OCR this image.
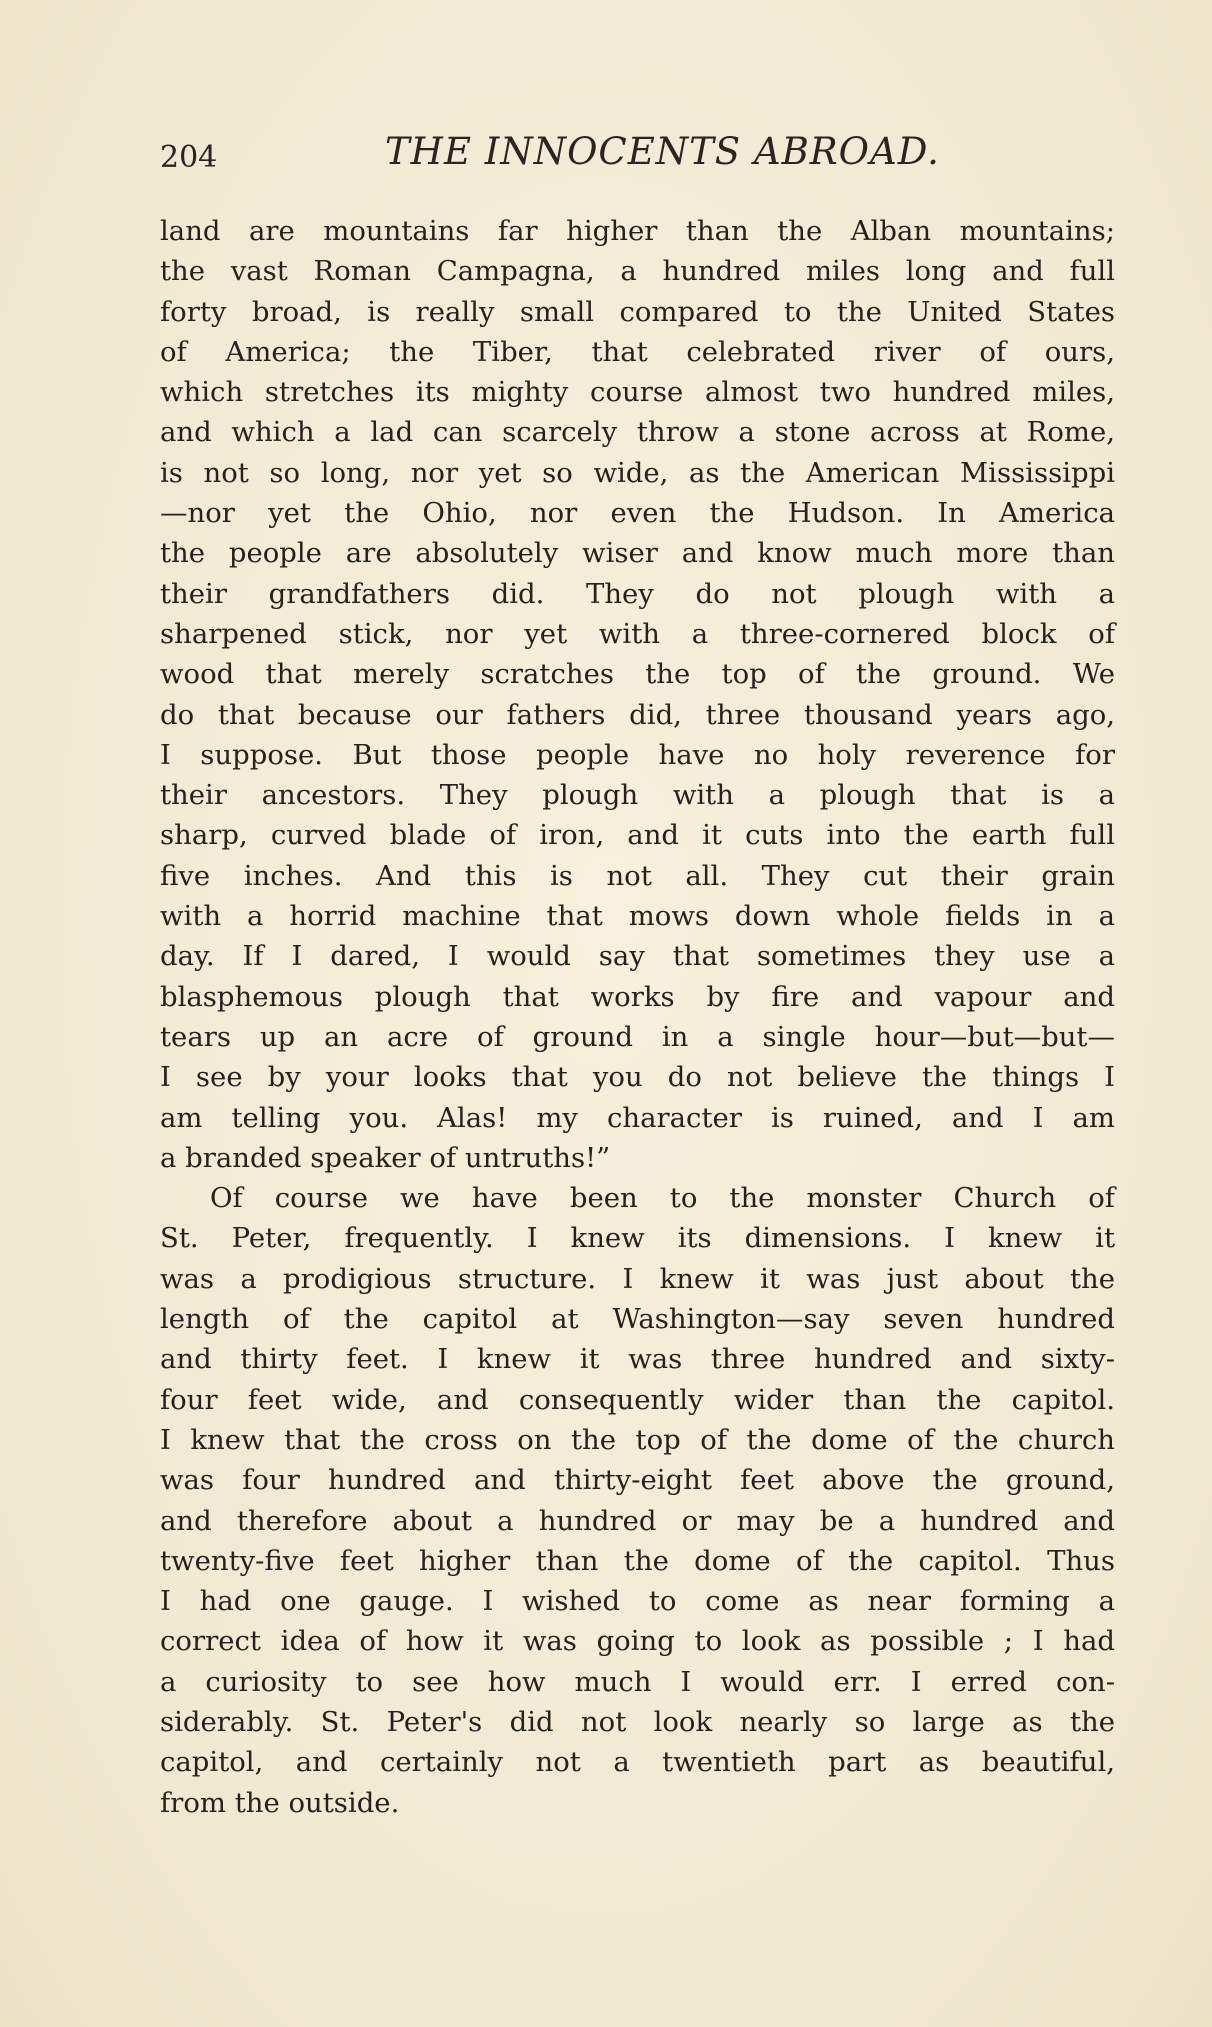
204	THE INNOCENTS ABROAD.
land are mountains far higher than the Alban mountains;
the vast Roman Campagna, a hundred miles long and full
forty broad, is really small compared to the United States
of America; the Tiber, that celebrated river of ours,
which stretches its mighty course almost two hundred miles,
and which a lad can scarcely throw a stone across at Rome,
is not so long, nor yet so wide, as the American Mississippi
—nor yet the Ohio, nor even the Hudson. In America
the people are absolutely wiser and know much more than
their grandfathers did. They do not plough with a
sharpened stick, nor yet with a three-cornered block of
wood that merely scratches the top of the ground. We
do that because our fathers did, three thousand years ago,
I suppose. But those people have no holy reverence for
their ancestors. They plough with a plough that is a
sharp, curved blade of iron, and it cuts into the earth full
five inches. And this is not all. They cut their grain
with a horrid machine that mows down whole fields in a
day. If I dared, I would say that sometimes they use a
blasphemous plough that works by fire and vapour and
tears up an acre of ground in a single hour—but—but—
I see by your looks that you do not believe the things I
am telling you. Alas! my character is ruined, and I am
a branded speaker of untruths!”
Of course we have been to the monster Church of
St. Peter, frequently. I knew its dimensions. I knew it
was a prodigious structure. I knew it was just about the
length of the capitol at Washington—say seven hundred
and thirty feet. I knew it was three hundred and sixty-
four feet wide, and consequently wider than the capitol.
I knew that the cross on the top of the dome of the church
was four hundred and thirty-eight feet above the ground,
and therefore about a hundred or may be a hundred and
twenty-five feet higher than the dome of the capitol. Thus
I had one gauge. I wished to come as near forming a
correct idea of how it was going to look as possible ; I had
a curiosity to see how much I would err. I erred con-
siderably. St. Peter's did not look nearly so large as the
capitol, and certainly not a twentieth part as beautiful,
from the outside.
